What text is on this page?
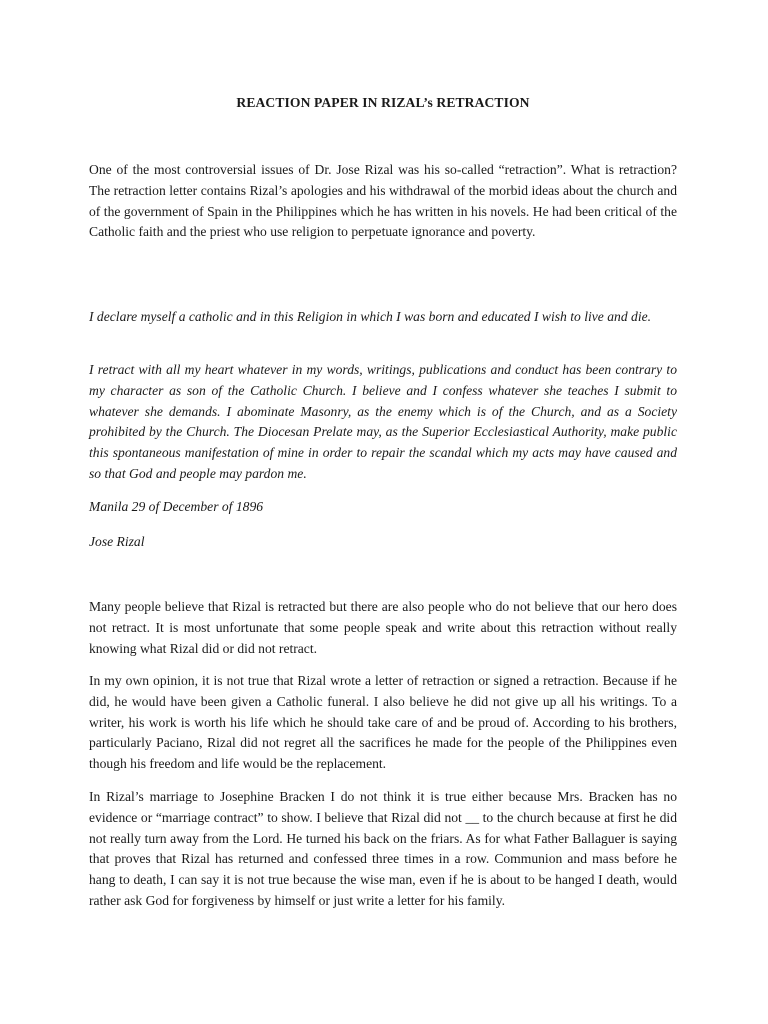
REACTION PAPER IN RIZAL’s RETRACTION

One of the most controversial issues of Dr. Jose Rizal was his so-called “retraction”. What is retraction? The retraction letter contains Rizal’s apologies and his withdrawal of the morbid ideas about the church and of the government of Spain in the Philippines which he has written in his novels. He had been critical of the Catholic faith and the priest who use religion to perpetuate ignorance and poverty.

I declare myself a catholic and in this Religion in which I was born and educated I wish to live and die.

I retract with all my heart whatever in my words, writings, publications and conduct has been contrary to my character as son of the Catholic Church. I believe and I confess whatever she teaches I submit to whatever she demands. I abominate Masonry, as the enemy which is of the Church, and as a Society prohibited by the Church. The Diocesan Prelate may, as the Superior Ecclesiastical Authority, make public this spontaneous manifestation of mine in order to repair the scandal which my acts may have caused and so that God and people may pardon me.

Manila 29 of December of 1896

Jose Rizal

Many people believe that Rizal is retracted but there are also people who do not believe that our hero does not retract. It is most unfortunate that some people speak and write about this retraction without really knowing what Rizal did or did not retract.

In my own opinion, it is not true that Rizal wrote a letter of retraction or signed a retraction. Because if he did, he would have been given a Catholic funeral. I also believe he did not give up all his writings. To a writer, his work is worth his life which he should take care of and be proud of. According to his brothers, particularly Paciano, Rizal did not regret all the sacrifices he made for the people of the Philippines even though his freedom and life would be the replacement.

In Rizal’s marriage to Josephine Bracken I do not think it is true either because Mrs. Bracken has no evidence or “marriage contract” to show. I believe that Rizal did not __ to the church because at first he did not really turn away from the Lord. He turned his back on the friars. As for what Father Ballaguer is saying that proves that Rizal has returned and confessed three times in a row. Communion and mass before he hang to death, I can say it is not true because the wise man, even if he is about to be hanged I death, would rather ask God for forgiveness by himself or just write a letter for his family.
